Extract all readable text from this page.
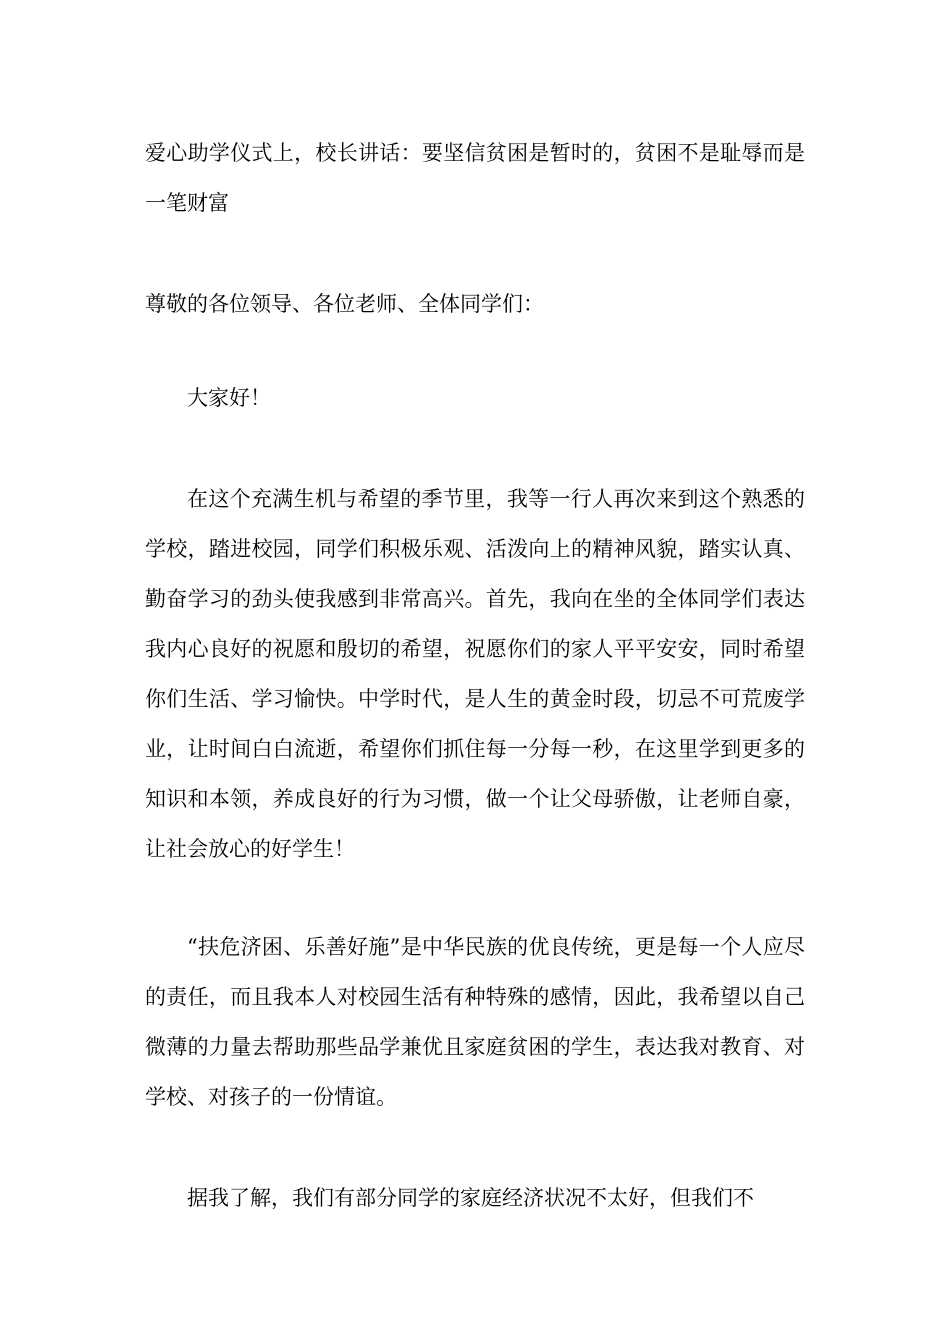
爱心助学仪式上，校长讲话：要坚信贫困是暂时的，贫困不是耻辱而是一笔财富

尊敬的各位领导、各位老师、全体同学们：

大家好！

在这个充满生机与希望的季节里，我等一行人再次来到这个熟悉的学校，踏进校园，同学们积极乐观、活泼向上的精神风貌，踏实认真、勤奋学习的劲头使我感到非常高兴。首先，我向在坐的全体同学们表达我内心良好的祝愿和殷切的希望，祝愿你们的家人平平安安，同时希望你们生活、学习愉快。中学时代，是人生的黄金时段，切忌不可荒废学业，让时间白白流逝，希望你们抓住每一分每一秒，在这里学到更多的知识和本领，养成良好的行为习惯，做一个让父母骄傲，让老师自豪，让社会放心的好学生！

“扶危济困、乐善好施”是中华民族的优良传统，更是每一个人应尽的责任，而且我本人对校园生活有种特殊的感情，因此，我希望以自己微薄的力量去帮助那些品学兼优且家庭贫困的学生，表达我对教育、对学校、对孩子的一份情谊。

据我了解，我们有部分同学的家庭经济状况不太好，但我们不
